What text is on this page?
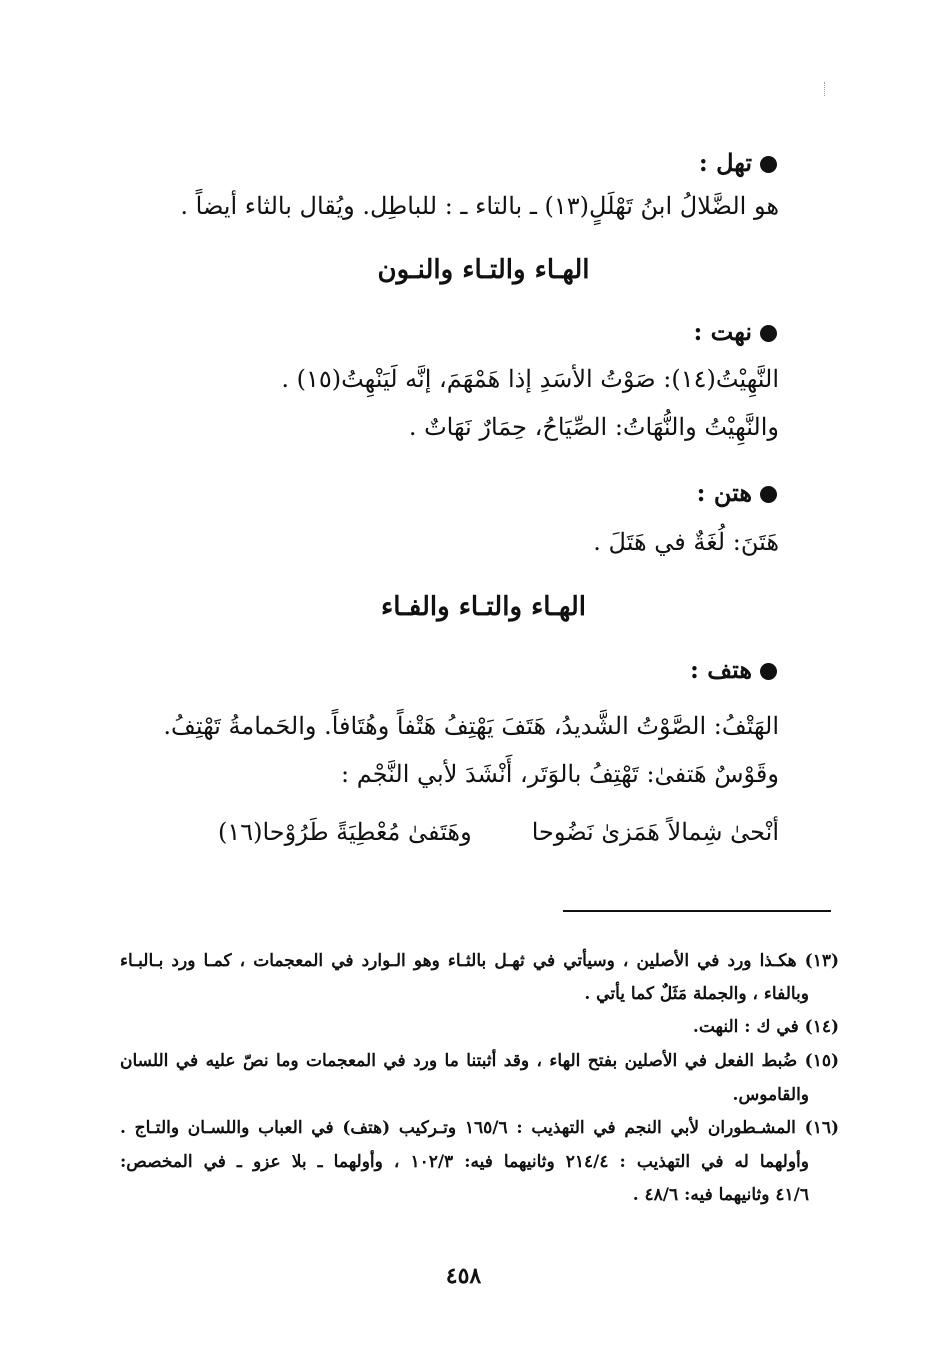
تهل :
هو الضَّلالُ ابنُ تَهْلَلٍ(١٣) ـ بالتاء ـ : للباطِل. ويُقال بالثاء أيضاً .
الهـاء والتـاء والنـون
نهت :
النَّهِيْتُ(١٤): صَوْتُ الأسَدِ إذا هَمْهَمَ، إنَّه لَيَنْهِتُ(١٥) .
والنَّهِيْتُ والنُّهَاتُ: الصِّيَاحُ، حِمَارٌ نَهَاتٌ .
هتن :
هَتَنَ: لُغَةٌ في هَتَلَ .
الهـاء والتـاء والفـاء
هتف :
الهَتْفُ: الصَّوْتُ الشَّديدُ، هَتَفَ يَهْتِفُ هَتْفاً وهُتَافاً. والحَمامةُ تَهْتِفُ.
وقَوْسٌ هَتفىٰ: تَهْتِفُ بالوَتَر، أَنْشَدَ لأبي النَّجْم :
أنْحىٰ شِمالاً هَمَزىٰ نَضُوحاوهَتَفىٰ مُعْطِيَةً طَرُوْحا(١٦)
(١٣) هكـذا ورد في الأصلين ، وسيأتي في ثهـل بالثـاء وهو الـوارد في المعجمات ، كمـا ورد بـالبـاء
وبالفاء ، والجملة مَثَلٌ كما يأتي .
(١٤) في ك : النهت.
(١٥) ضُبط الفعل في الأصلين بفتح الهاء ، وقد أثبتنا ما ورد في المعجمات وما نصّ عليه في اللسان
والقاموس.
(١٦) المشـطوران لأبي النجم في التهذيب : ١٦٥/٦ وتـركيب (هتف) في العباب واللسـان والتـاج .
وأولهما له في التهذيب : ٢١٤/٤ وثانيهما فيه: ١٠٢/٣ ، وأولهما ـ بلا عزو ـ في المخصص:
٤١/٦ وثانيهما فيه: ٤٨/٦ .
٤٥٨
